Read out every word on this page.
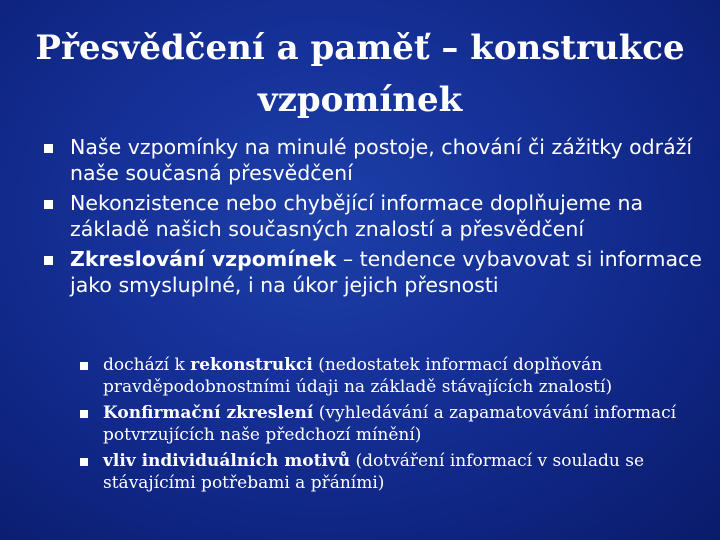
Přesvědčení a paměť – konstrukce vzpomínek
Naše vzpomínky na minulé postoje, chování či zážitky odráží naše současná přesvědčení
Nekonzistence nebo chybějící informace doplňujeme na základě našich současných znalostí a přesvědčení
Zkreslování vzpomínek – tendence vybavovat si informace jako smysluplné, i na úkor jejich přesnosti
dochází k rekonstrukci (nedostatek informací doplňován pravděpodobnostními údaji na základě stávajících znalostí)
Konfirmační zkreslení (vyhledávání a zapamatovávání informací potvrzujících naše předchozí mínění)
vliv individuálních motivů (dotváření informací v souladu se stávajícími potřebami a přáními)
